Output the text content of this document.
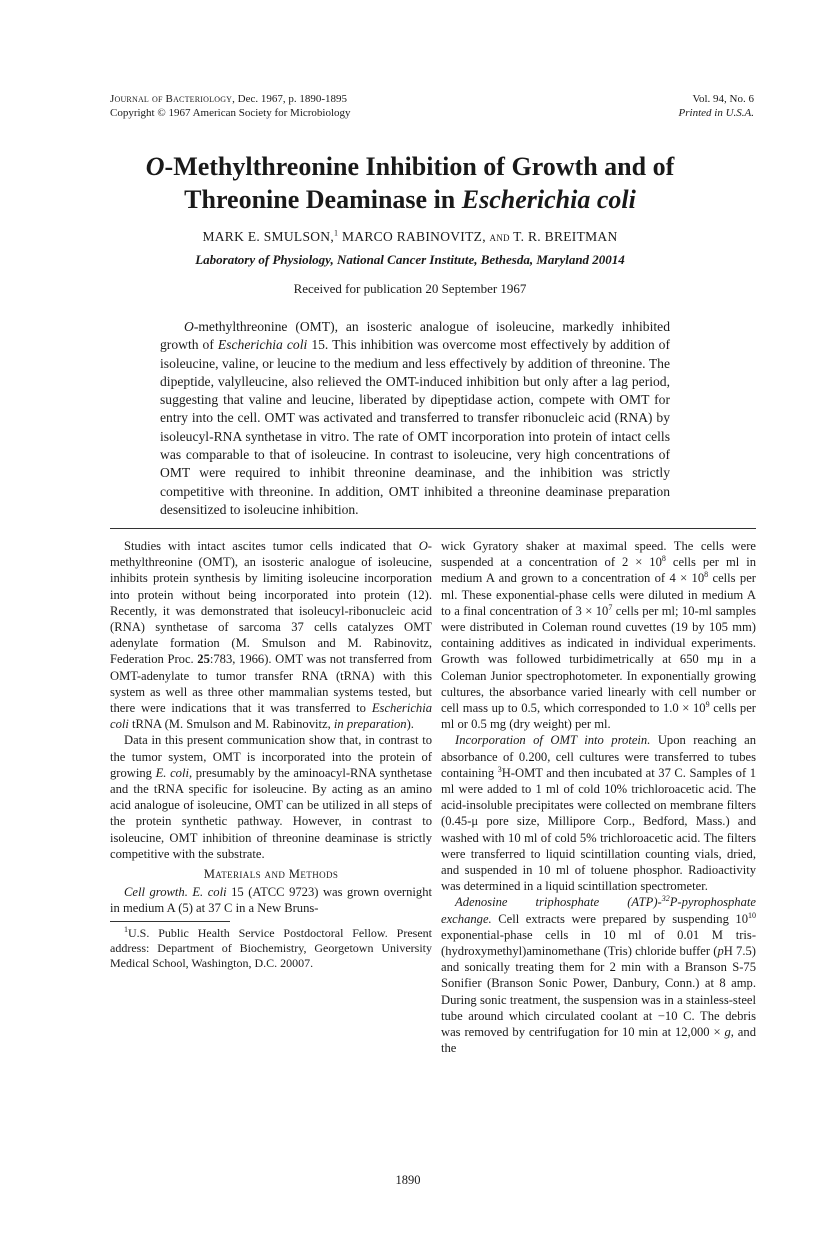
Journal of Bacteriology, Dec. 1967, p. 1890-1895
Copyright © 1967 American Society for Microbiology
Vol. 94, No. 6
Printed in U.S.A.
O-Methylthreonine Inhibition of Growth and of
Threonine Deaminase in Escherichia coli
MARK E. SMULSON,$^1$ MARCO RABINOVITZ, and T. R. BREITMAN
Laboratory of Physiology, National Cancer Institute, Bethesda, Maryland 20014
Received for publication 20 September 1967

O-methylthreonine (OMT), an isosteric analogue of isoleucine, markedly inhibited growth of Escherichia coli 15. This inhibition was overcome most effectively by addition of isoleucine, valine, or leucine to the medium and less effectively by addition of threonine. The dipeptide, valylleucine, also relieved the OMT-induced inhibition but only after a lag period, suggesting that valine and leucine, liberated by dipeptidase action, compete with OMT for entry into the cell. OMT was activated and transferred to transfer ribonucleic acid (RNA) by isoleucyl-RNA synthetase in vitro. The rate of OMT incorporation into protein of intact cells was comparable to that of isoleucine. In contrast to isoleucine, very high concentrations of OMT were required to inhibit threonine deaminase, and the inhibition was strictly competitive with threonine. In addition, OMT inhibited a threonine deaminase preparation desensitized to isoleucine inhibition.

Studies with intact ascites tumor cells indicated that O-methylthreonine (OMT), an isosteric analogue of isoleucine, inhibits protein synthesis by limiting isoleucine incorporation into protein without being incorporated into protein (12). Recently, it was demonstrated that isoleucyl-ribonucleic acid (RNA) synthetase of sarcoma 37 cells catalyzes OMT adenylate formation (M. Smulson and M. Rabinovitz, Federation Proc. 25:783, 1966). OMT was not transferred from OMT-adenylate to tumor transfer RNA (tRNA) with this system as well as three other mammalian systems tested, but there were indications that it was transferred to Escherichia coli tRNA (M. Smulson and M. Rabinovitz, in preparation).

Data in this present communication show that, in contrast to the tumor system, OMT is incorporated into the protein of growing E. coli, presumably by the aminoacyl-RNA synthetase and the tRNA specific for isoleucine. By acting as an amino acid analogue of isoleucine, OMT can be utilized in all steps of the protein synthetic pathway. However, in contrast to isoleucine, OMT inhibition of threonine deaminase is strictly competitive with the substrate.

Materials and Methods

Cell growth. E. coli 15 (ATCC 9723) was grown overnight in medium A (5) at 37 C in a New Bruns-

$^1$U.S. Public Health Service Postdoctoral Fellow. Present address: Department of Biochemistry, Georgetown University Medical School, Washington, D.C. 20007.

wick Gyratory shaker at maximal speed. The cells were suspended at a concentration of $2 \times 10^8$ cells per ml in medium A and grown to a concentration of $4 \times 10^8$ cells per ml. These exponential-phase cells were diluted in medium A to a final concentration of $3 \times 10^7$ cells per ml; 10-ml samples were distributed in Coleman round cuvettes (19 by 105 mm) containing additives as indicated in individual experiments. Growth was followed turbidimetrically at 650 mμ in a Coleman Junior spectrophotometer. In exponentially growing cultures, the absorbance varied linearly with cell number or cell mass up to 0.5, which corresponded to $1.0 \times 10^9$ cells per ml or 0.5 mg (dry weight) per ml.

Incorporation of OMT into protein. Upon reaching an absorbance of 0.200, cell cultures were transferred to tubes containing $^3$H-OMT and then incubated at 37 C. Samples of 1 ml were added to 1 ml of cold 10% trichloroacetic acid. The acid-insoluble precipitates were collected on membrane filters (0.45-μ pore size, Millipore Corp., Bedford, Mass.) and washed with 10 ml of cold 5% trichloroacetic acid. The filters were transferred to liquid scintillation counting vials, dried, and suspended in 10 ml of toluene phosphor. Radioactivity was determined in a liquid scintillation spectrometer.

Adenosine triphosphate (ATP)-$^{32}$P-pyrophosphate exchange. Cell extracts were prepared by suspending $10^{10}$ exponential-phase cells in 10 ml of 0.01 M tris-(hydroxymethyl)aminomethane (Tris) chloride buffer (pH 7.5) and sonically treating them for 2 min with a Branson S-75 Sonifier (Branson Sonic Power, Danbury, Conn.) at 8 amp. During sonic treatment, the suspension was in a stainless-steel tube around which circulated coolant at −10 C. The debris was removed by centrifugation for 10 min at 12,000 × g, and the

1890
